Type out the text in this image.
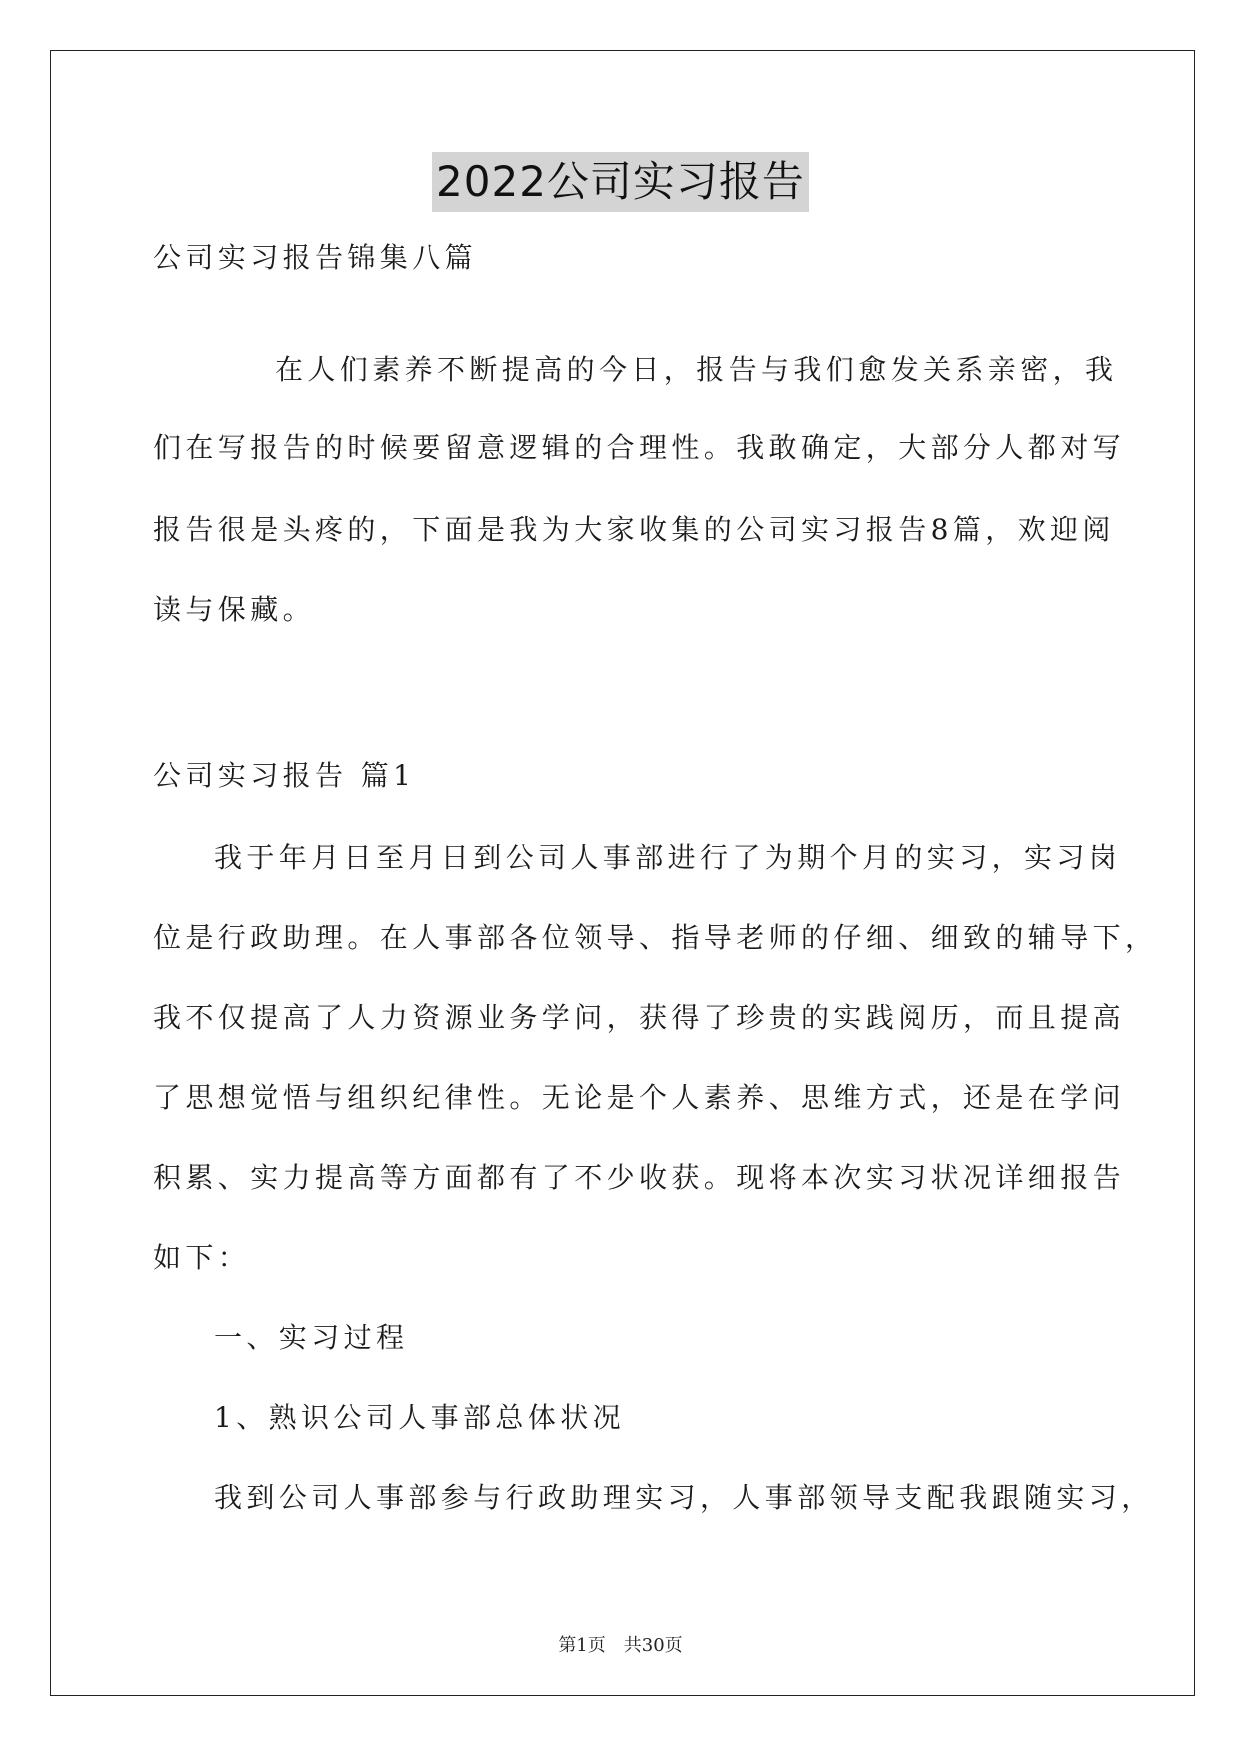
2022公司实习报告
公司实习报告锦集八篇
在人们素养不断提高的今日，报告与我们愈发关系亲密，我
们在写报告的时候要留意逻辑的合理性。我敢确定，大部分人都对写
报告很是头疼的，下面是我为大家收集的公司实习报告8篇，欢迎阅
读与保藏。
公司实习报告 篇1
我于年月日至月日到公司人事部进行了为期个月的实习，实习岗
位是行政助理。在人事部各位领导、指导老师的仔细、细致的辅导下，
我不仅提高了人力资源业务学问，获得了珍贵的实践阅历，而且提高
了思想觉悟与组织纪律性。无论是个人素养、思维方式，还是在学问
积累、实力提高等方面都有了不少收获。现将本次实习状况详细报告
如下：
一、实习过程
1、熟识公司人事部总体状况
我到公司人事部参与行政助理实习，人事部领导支配我跟随实习，
第1页　共30页
